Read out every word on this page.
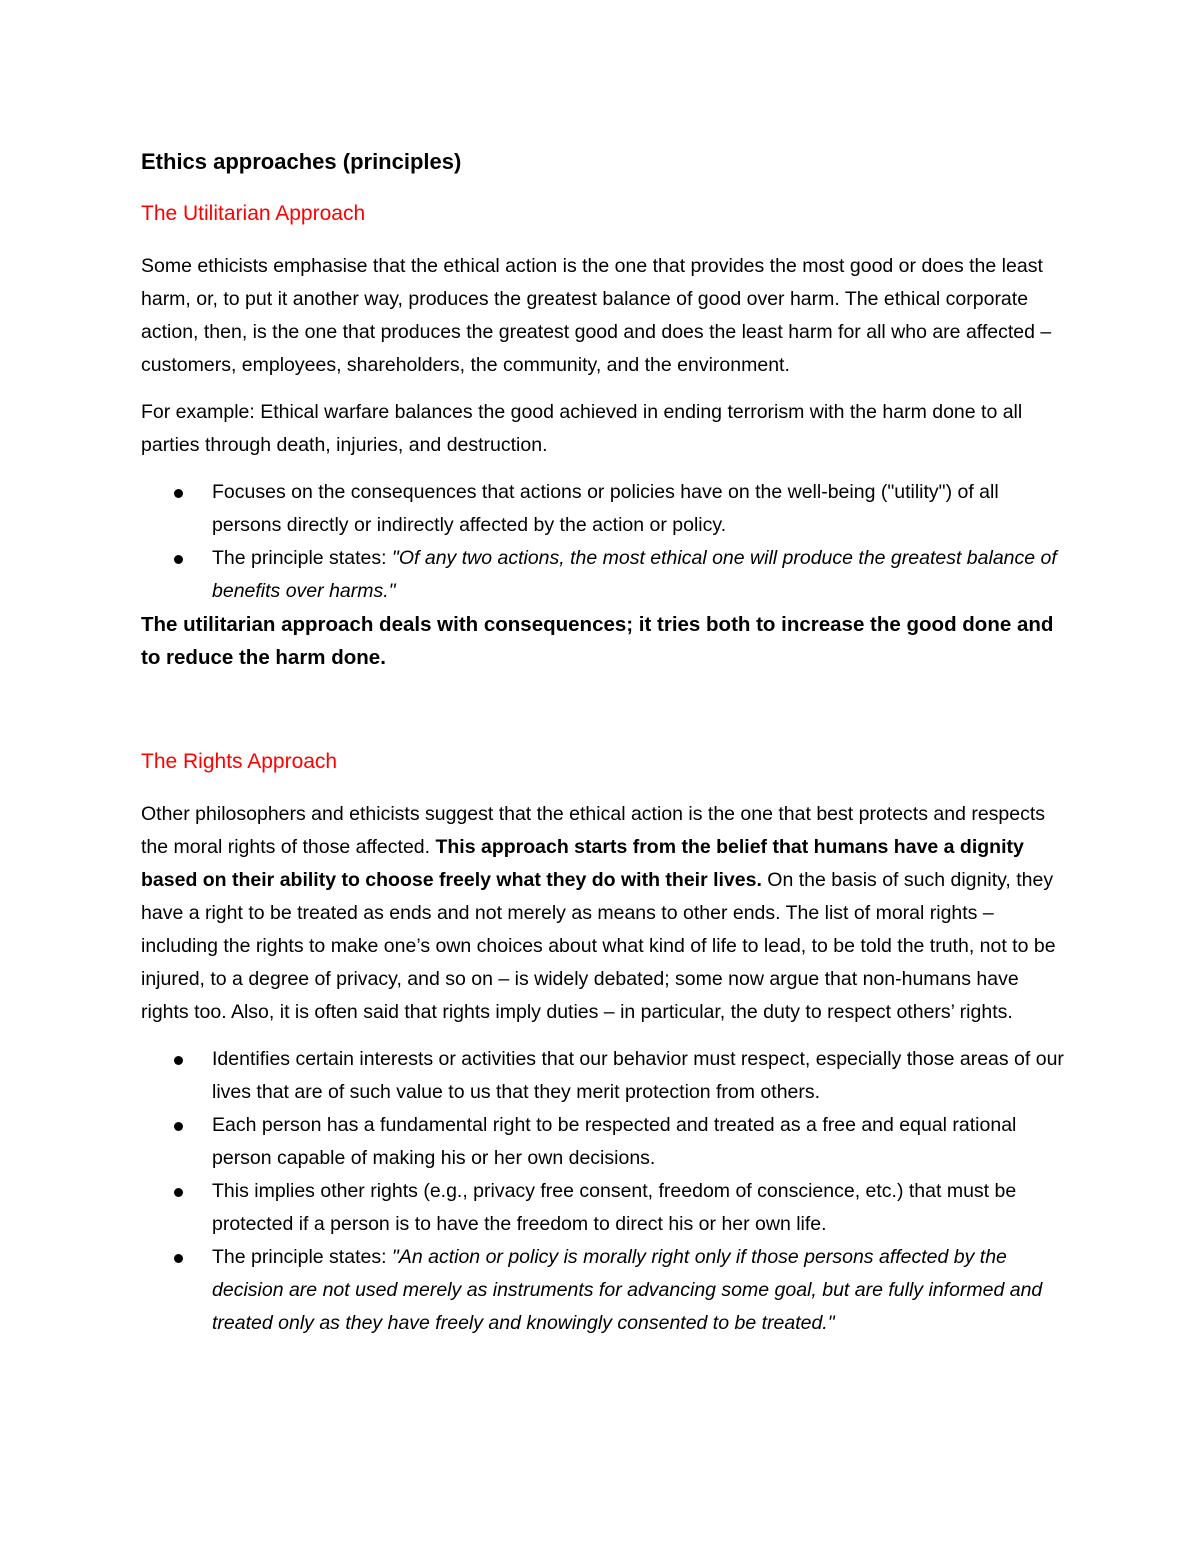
Ethics approaches (principles)
The Utilitarian Approach

Some ethicists emphasise that the ethical action is the one that provides the most good or does the least harm, or, to put it another way, produces the greatest balance of good over harm. The ethical corporate action, then, is the one that produces the greatest good and does the least harm for all who are affected – customers, employees, shareholders, the community, and the environment.

For example: Ethical warfare balances the good achieved in ending terrorism with the harm done to all parties through death, injuries, and destruction.

Focuses on the consequences that actions or policies have on the well-being ("utility") of all persons directly or indirectly affected by the action or policy.
The principle states: "Of any two actions, the most ethical one will produce the greatest balance of benefits over harms."
The utilitarian approach deals with consequences; it tries both to increase the good done and to reduce the harm done.
The Rights Approach

Other philosophers and ethicists suggest that the ethical action is the one that best protects and respects the moral rights of those affected. This approach starts from the belief that humans have a dignity based on their ability to choose freely what they do with their lives. On the basis of such dignity, they have a right to be treated as ends and not merely as means to other ends. The list of moral rights – including the rights to make one’s own choices about what kind of life to lead, to be told the truth, not to be injured, to a degree of privacy, and so on – is widely debated; some now argue that non-humans have rights too. Also, it is often said that rights imply duties – in particular, the duty to respect others’ rights.

Identifies certain interests or activities that our behavior must respect, especially those areas of our lives that are of such value to us that they merit protection from others.
Each person has a fundamental right to be respected and treated as a free and equal rational person capable of making his or her own decisions.
This implies other rights (e.g., privacy free consent, freedom of conscience, etc.) that must be protected if a person is to have the freedom to direct his or her own life.
The principle states: "An action or policy is morally right only if those persons affected by the decision are not used merely as instruments for advancing some goal, but are fully informed and treated only as they have freely and knowingly consented to be treated."
